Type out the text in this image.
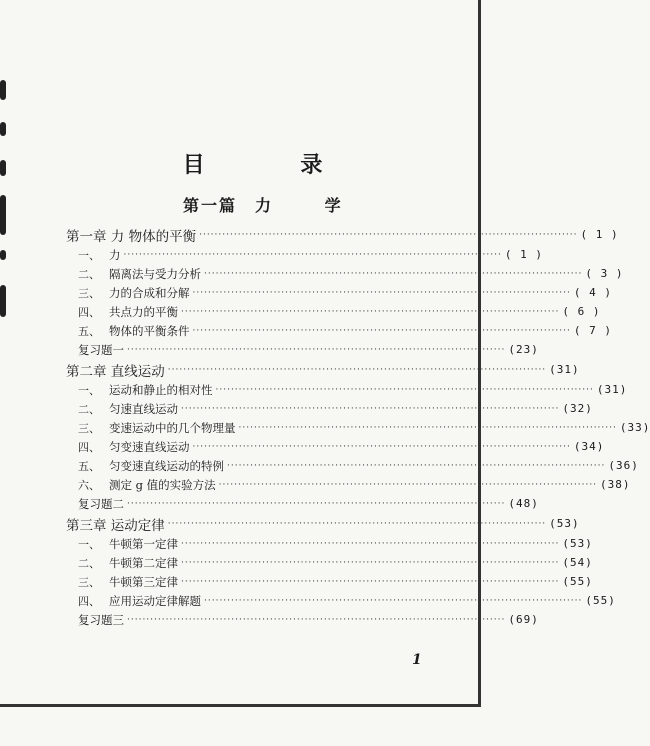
目 录
第一篇 力 学
第一章 力 物体的平衡 ·································································································· ( 1 )
一、 力 ·································································································· ( 1 )
二、 隔离法与受力分析 ·································································································· ( 3 )
三、 力的合成和分解 ·································································································· ( 4 )
四、 共点力的平衡 ·································································································· ( 6 )
五、 物体的平衡条件 ·································································································· ( 7 )
复习题一 ·································································································· (23)
第二章 直线运动 ·································································································· (31)
一、 运动和静止的相对性 ·································································································· (31)
二、 匀速直线运动 ·································································································· (32)
三、 变速运动中的几个物理量 ·································································································· (33)
四、 匀变速直线运动 ·································································································· (34)
五、 匀变速直线运动的特例 ·································································································· (36)
六、 测定 g 值的实验方法 ·································································································· (38)
复习题二 ·································································································· (48)
第三章 运动定律 ·································································································· (53)
一、 牛顿第一定律 ·································································································· (53)
二、 牛顿第二定律 ·································································································· (54)
三、 牛顿第三定律 ·································································································· (55)
四、 应用运动定律解题 ·································································································· (55)
复习题三 ·································································································· (69)
1
